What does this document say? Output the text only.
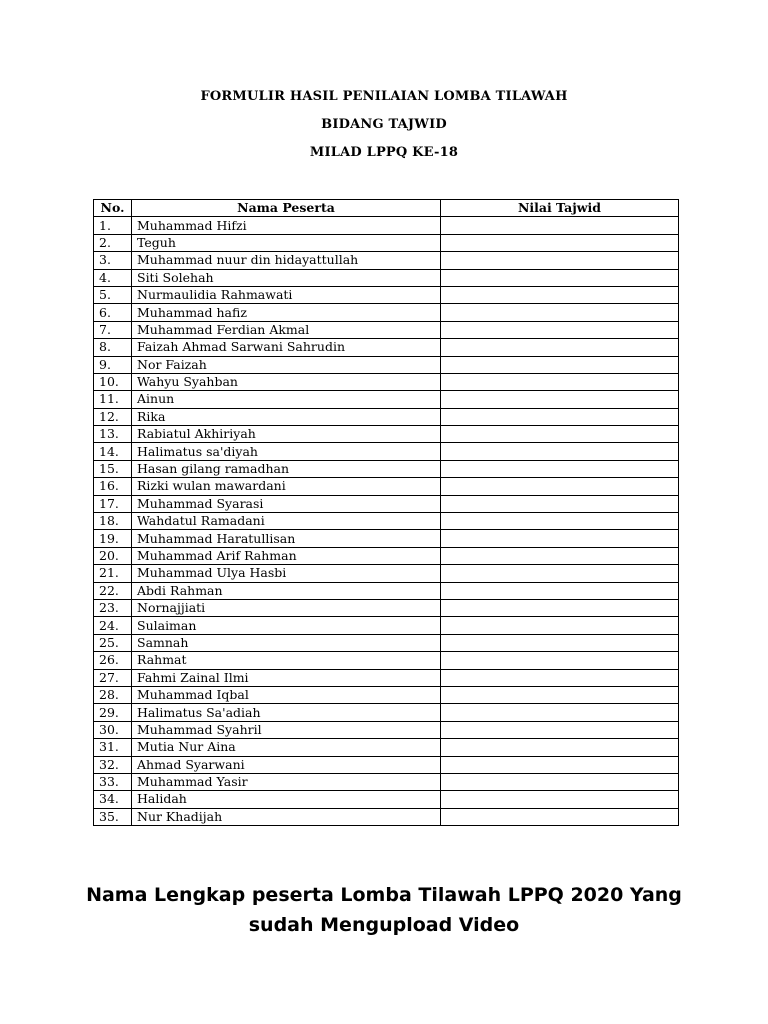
FORMULIR HASIL PENILAIAN LOMBA TILAWAH
BIDANG TAJWID
MILAD LPPQ KE-18
No.	Nama Peserta	Nilai Tajwid
1.	Muhammad Hifzi	
2.	Teguh	
3.	Muhammad nuur din hidayattullah	
4.	Siti Solehah	
5.	Nurmaulidia Rahmawati	
6.	Muhammad hafiz	
7.	Muhammad Ferdian Akmal	
8.	Faizah Ahmad Sarwani Sahrudin	
9.	Nor Faizah	
10.	Wahyu Syahban	
11.	Ainun	
12.	Rika	
13.	Rabiatul Akhiriyah	
14.	Halimatus sa'diyah	
15.	Hasan gilang ramadhan	
16.	Rizki wulan mawardani	
17.	Muhammad Syarasi	
18.	Wahdatul Ramadani	
19.	Muhammad Haratullisan	
20.	Muhammad Arif Rahman	
21.	Muhammad Ulya Hasbi	
22.	Abdi Rahman	
23.	Nornajjiati	
24.	Sulaiman	
25.	Samnah	
26.	Rahmat	
27.	Fahmi Zainal Ilmi	
28.	Muhammad Iqbal	
29.	Halimatus Sa'adiah	
30.	Muhammad Syahril	
31.	Mutia Nur Aina	
32.	Ahmad Syarwani	
33.	Muhammad Yasir	
34.	Halidah	
35.	Nur Khadijah	
Nama Lengkap peserta Lomba Tilawah LPPQ 2020 Yang
sudah Mengupload Video
